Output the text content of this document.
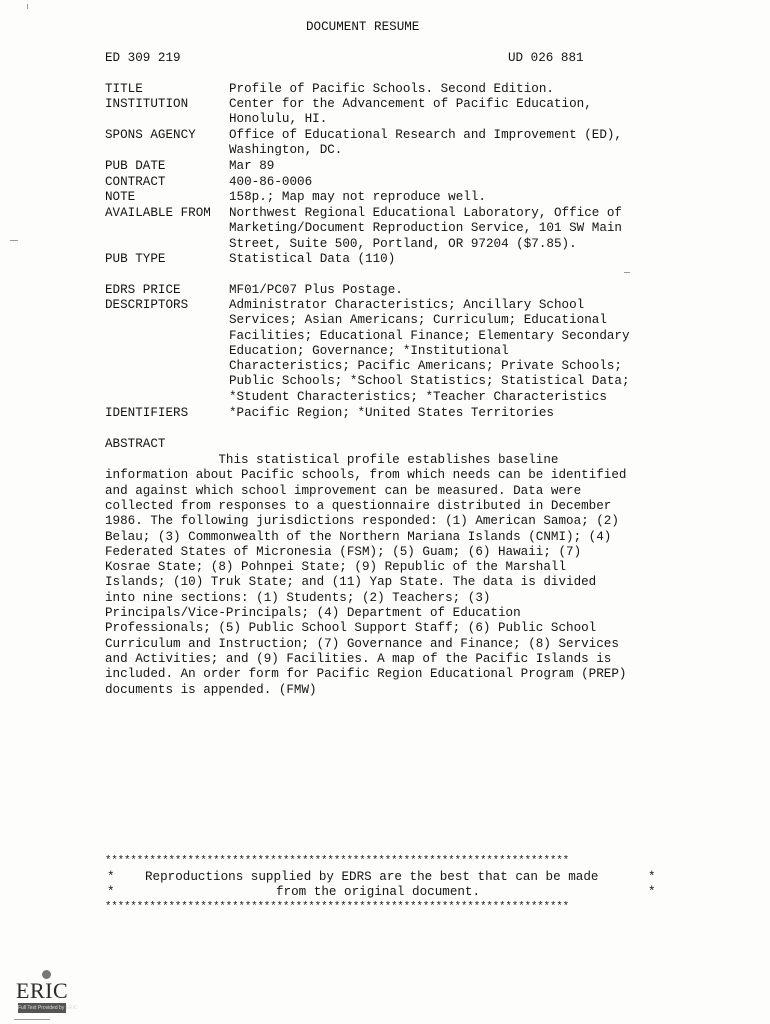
DOCUMENT RESUME
ED 309 219	UD 026 881
TITLE	Profile of Pacific Schools. Second Edition.
INSTITUTION	Center for the Advancement of Pacific Education,
Honolulu, HI.
SPONS AGENCY	Office of Educational Research and Improvement (ED),
Washington, DC.
PUB DATE	Mar 89
CONTRACT	400-86-0006
NOTE	158p.; Map may not reproduce well.
AVAILABLE FROM Northwest Regional Educational Laboratory, Office of
Marketing/Document Reproduction Service, 101 SW Main
Street, Suite 500, Portland, OR 97204 ($7.85).
PUB TYPE	Statistical Data (110)
EDRS PRICE	MF01/PC07 Plus Postage.
DESCRIPTORS	Administrator Characteristics; Ancillary School
Services; Asian Americans; Curriculum; Educational
Facilities; Educational Finance; Elementary Secondary
Education; Governance; *Institutional
Characteristics; Pacific Americans; Private Schools;
Public Schools; *School Statistics; Statistical Data;
*Student Characteristics; *Teacher Characteristics
IDENTIFIERS	*Pacific Region; *United States Territories
ABSTRACT
This statistical profile establishes baseline
information about Pacific schools, from which needs can be identified
and against which school improvement can be measured. Data were
collected from responses to a questionnaire distributed in December
1986. The following jurisdictions responded: (1) American Samoa; (2)
Belau; (3) Commonwealth of the Northern Mariana Islands (CNMI); (4)
Federated States of Micronesia (FSM); (5) Guam; (6) Hawaii; (7)
Kosrae State; (8) Pohnpei State; (9) Republic of the Marshall
Islands; (10) Truk State; and (11) Yap State. The data is divided
into nine sections: (1) Students; (2) Teachers; (3)
Principals/Vice-Principals; (4) Department of Education
Professionals; (5) Public School Support Staff; (6) Public School
Curriculum and Instruction; (7) Governance and Finance; (8) Services
and Activities; and (9) Facilities. A map of the Pacific Islands is
included. An order form for Pacific Region Educational Program (PREP)
documents is appended. (FMW)
*************************************************************************
* Reproductions supplied by EDRS are the best that can be made	*
*	from the original document.	*
*************************************************************************
ERIC
Full Text Provided by ERIC
